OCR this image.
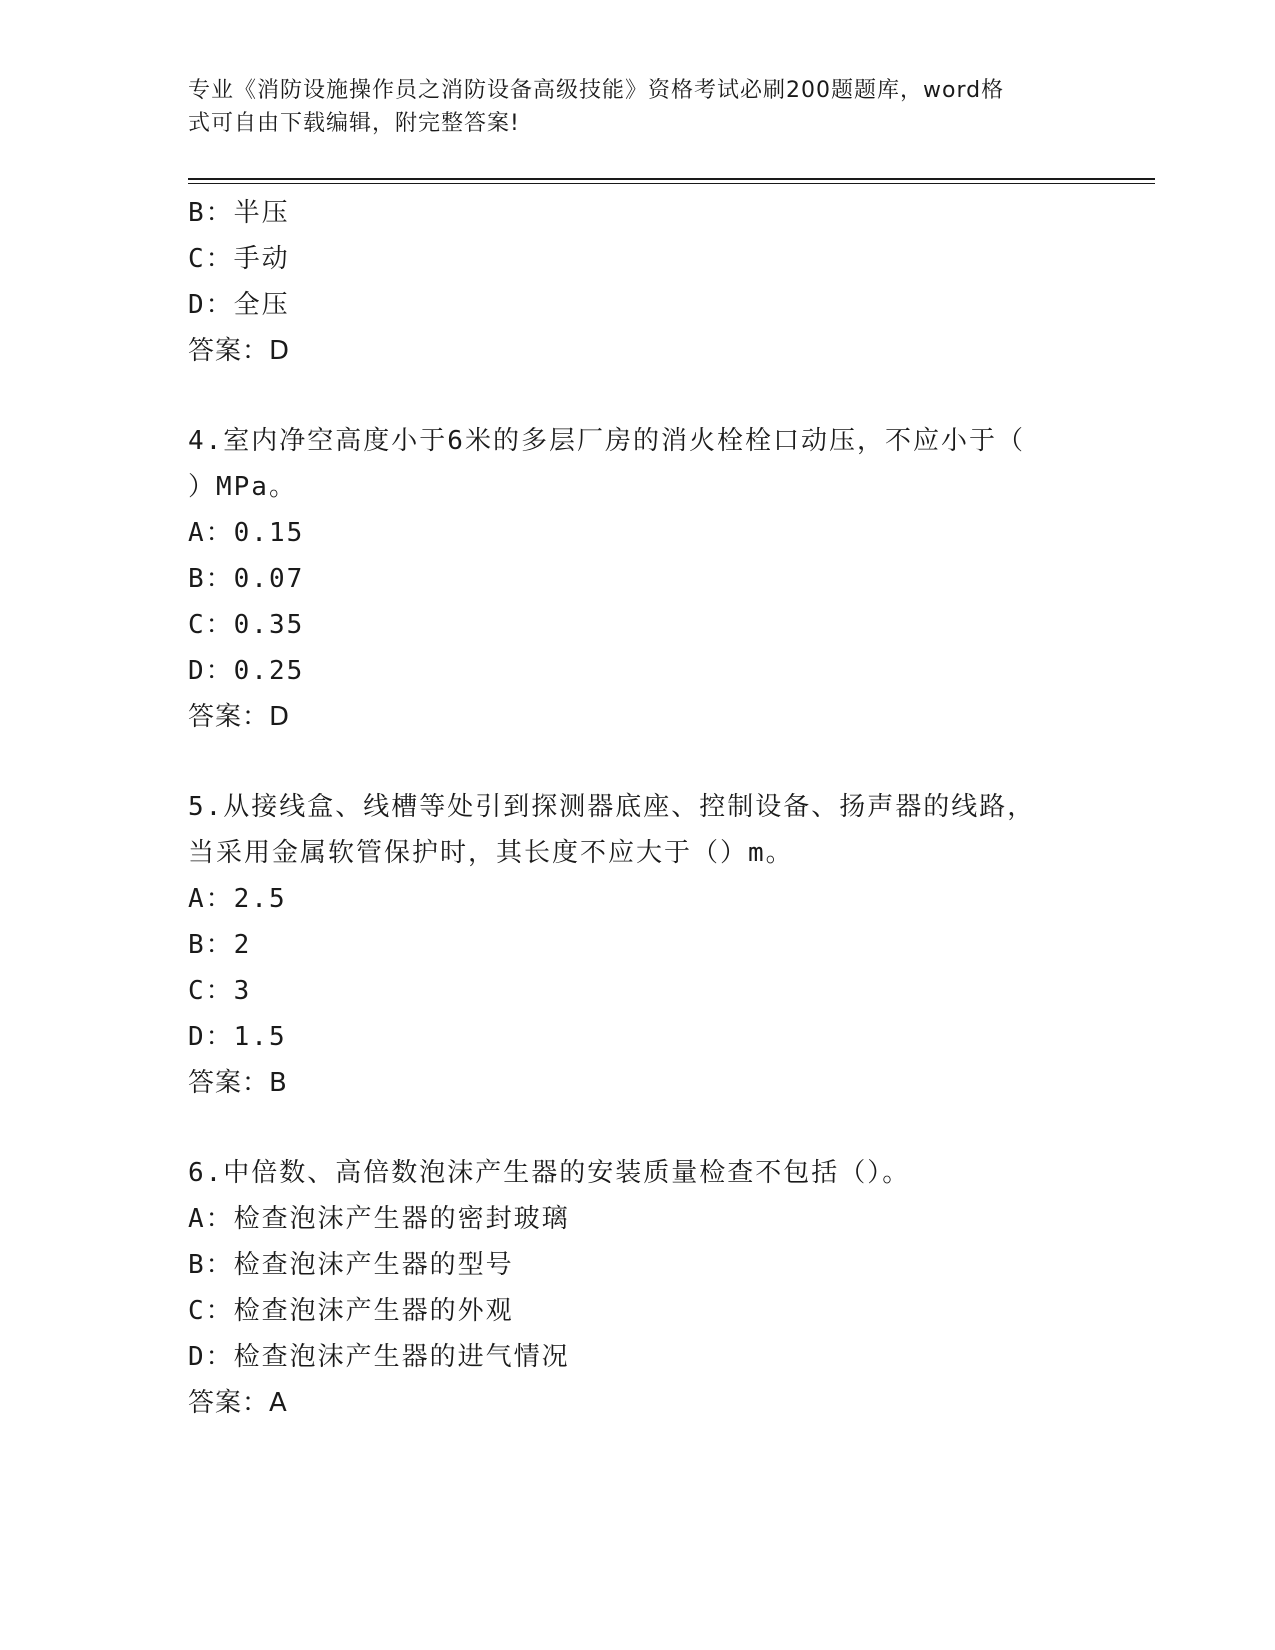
专业《消防设施操作员之消防设备高级技能》资格考试必刷200题题库，word格
式可自由下载编辑，附完整答案!
B：半压
C：手动
D：全压
答案：D
4.室内净空高度小于6米的多层厂房的消火栓栓口动压，不应小于（
）MPa。
A：0.15
B：0.07
C：0.35
D：0.25
答案：D
5.从接线盒、线槽等处引到探测器底座、控制设备、扬声器的线路，
当采用金属软管保护时，其长度不应大于（）m。
A：2.5
B：2
C：3
D：1.5
答案：B
6.中倍数、高倍数泡沫产生器的安装质量检查不包括（）。
A：检查泡沫产生器的密封玻璃
B：检查泡沫产生器的型号
C：检查泡沫产生器的外观
D：检查泡沫产生器的进气情况
答案：A
